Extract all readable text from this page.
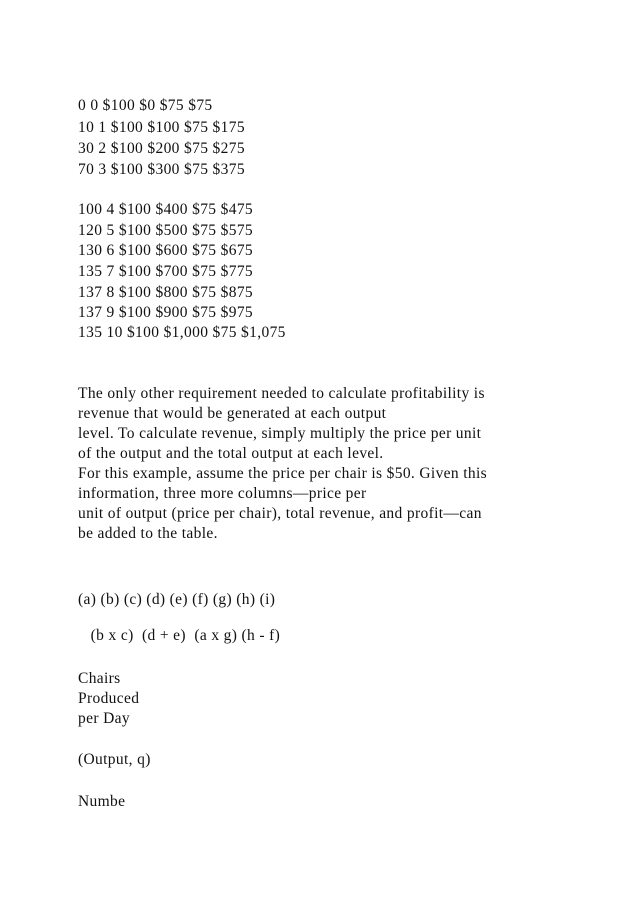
0 0 $100 $0 $75 $75
10 1 $100 $100 $75 $175
30 2 $100 $200 $75 $275
70 3 $100 $300 $75 $375
100 4 $100 $400 $75 $475
120 5 $100 $500 $75 $575
130 6 $100 $600 $75 $675
135 7 $100 $700 $75 $775
137 8 $100 $800 $75 $875
137 9 $100 $900 $75 $975
135 10 $100 $1,000 $75 $1,075
The only other requirement needed to calculate profitability is
revenue that would be generated at each output
level. To calculate revenue, simply multiply the price per unit
of the output and the total output at each level.
For this example, assume the price per chair is $50. Given this
information, three more columns—price per
unit of output (price per chair), total revenue, and profit—can
be added to the table.
(a) (b) (c) (d) (e) (f) (g) (h) (i)
(b x c)  (d + e)  (a x g) (h - f)
Chairs
Produced
per Day
(Output, q)
Numbe
